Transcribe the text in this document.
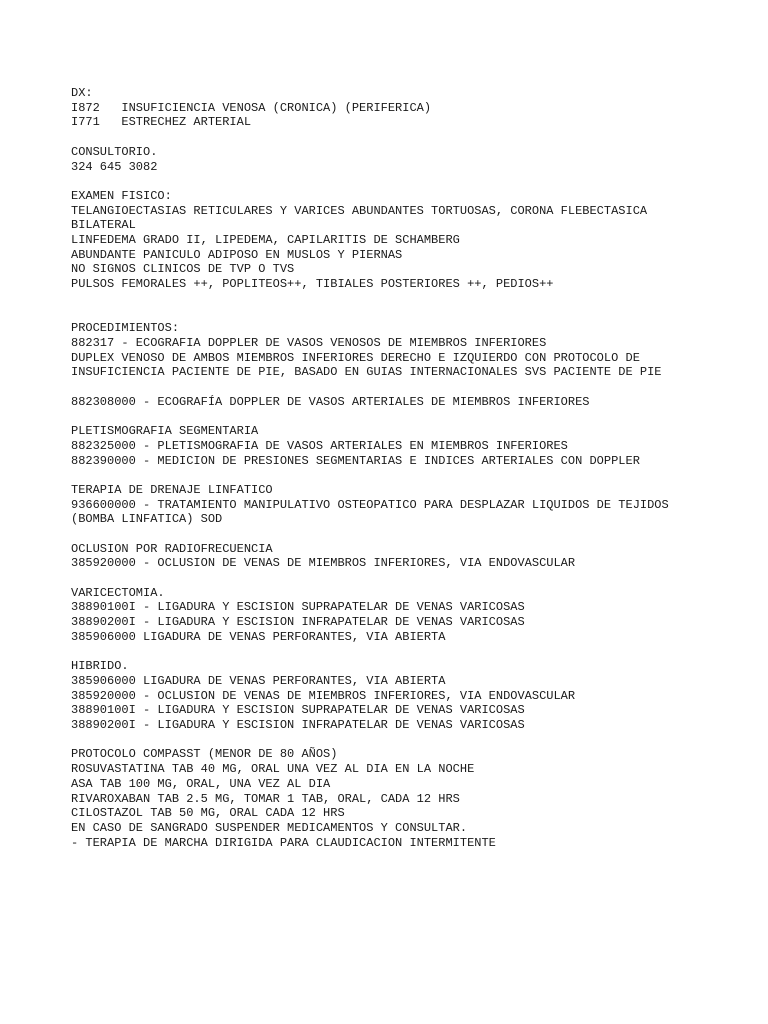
DX:
I872   INSUFICIENCIA VENOSA (CRONICA) (PERIFERICA)
I771   ESTRECHEZ ARTERIAL
CONSULTORIO.
324 645 3082
EXAMEN FISICO:
TELANGIOECTASIAS RETICULARES Y VARICES ABUNDANTES TORTUOSAS, CORONA FLEBECTASICA
BILATERAL
LINFEDEMA GRADO II, LIPEDEMA, CAPILARITIS DE SCHAMBERG
ABUNDANTE PANICULO ADIPOSO EN MUSLOS Y PIERNAS
NO SIGNOS CLINICOS DE TVP O TVS
PULSOS FEMORALES ++, POPLITEOS++, TIBIALES POSTERIORES ++, PEDIOS++
PROCEDIMIENTOS:
882317 - ECOGRAFIA DOPPLER DE VASOS VENOSOS DE MIEMBROS INFERIORES
DUPLEX VENOSO DE AMBOS MIEMBROS INFERIORES DERECHO E IZQUIERDO CON PROTOCOLO DE
INSUFICIENCIA PACIENTE DE PIE, BASADO EN GUIAS INTERNACIONALES SVS PACIENTE DE PIE
882308000 - ECOGRAFÍA DOPPLER DE VASOS ARTERIALES DE MIEMBROS INFERIORES
PLETISMOGRAFIA SEGMENTARIA
882325000 - PLETISMOGRAFIA DE VASOS ARTERIALES EN MIEMBROS INFERIORES
882390000 - MEDICION DE PRESIONES SEGMENTARIAS E INDICES ARTERIALES CON DOPPLER
TERAPIA DE DRENAJE LINFATICO
936600000 - TRATAMIENTO MANIPULATIVO OSTEOPATICO PARA DESPLAZAR LIQUIDOS DE TEJIDOS
(BOMBA LINFATICA) SOD
OCLUSION POR RADIOFRECUENCIA
385920000 - OCLUSION DE VENAS DE MIEMBROS INFERIORES, VIA ENDOVASCULAR
VARICECTOMIA.
38890100I - LIGADURA Y ESCISION SUPRAPATELAR DE VENAS VARICOSAS
38890200I - LIGADURA Y ESCISION INFRAPATELAR DE VENAS VARICOSAS
385906000 LIGADURA DE VENAS PERFORANTES, VIA ABIERTA
HIBRIDO.
385906000 LIGADURA DE VENAS PERFORANTES, VIA ABIERTA
385920000 - OCLUSION DE VENAS DE MIEMBROS INFERIORES, VIA ENDOVASCULAR
38890100I - LIGADURA Y ESCISION SUPRAPATELAR DE VENAS VARICOSAS
38890200I - LIGADURA Y ESCISION INFRAPATELAR DE VENAS VARICOSAS
PROTOCOLO COMPASST (MENOR DE 80 AÑOS)
ROSUVASTATINA TAB 40 MG, ORAL UNA VEZ AL DIA EN LA NOCHE
ASA TAB 100 MG, ORAL, UNA VEZ AL DIA
RIVAROXABAN TAB 2.5 MG, TOMAR 1 TAB, ORAL, CADA 12 HRS
CILOSTAZOL TAB 50 MG, ORAL CADA 12 HRS
EN CASO DE SANGRADO SUSPENDER MEDICAMENTOS Y CONSULTAR.
- TERAPIA DE MARCHA DIRIGIDA PARA CLAUDICACION INTERMITENTE
